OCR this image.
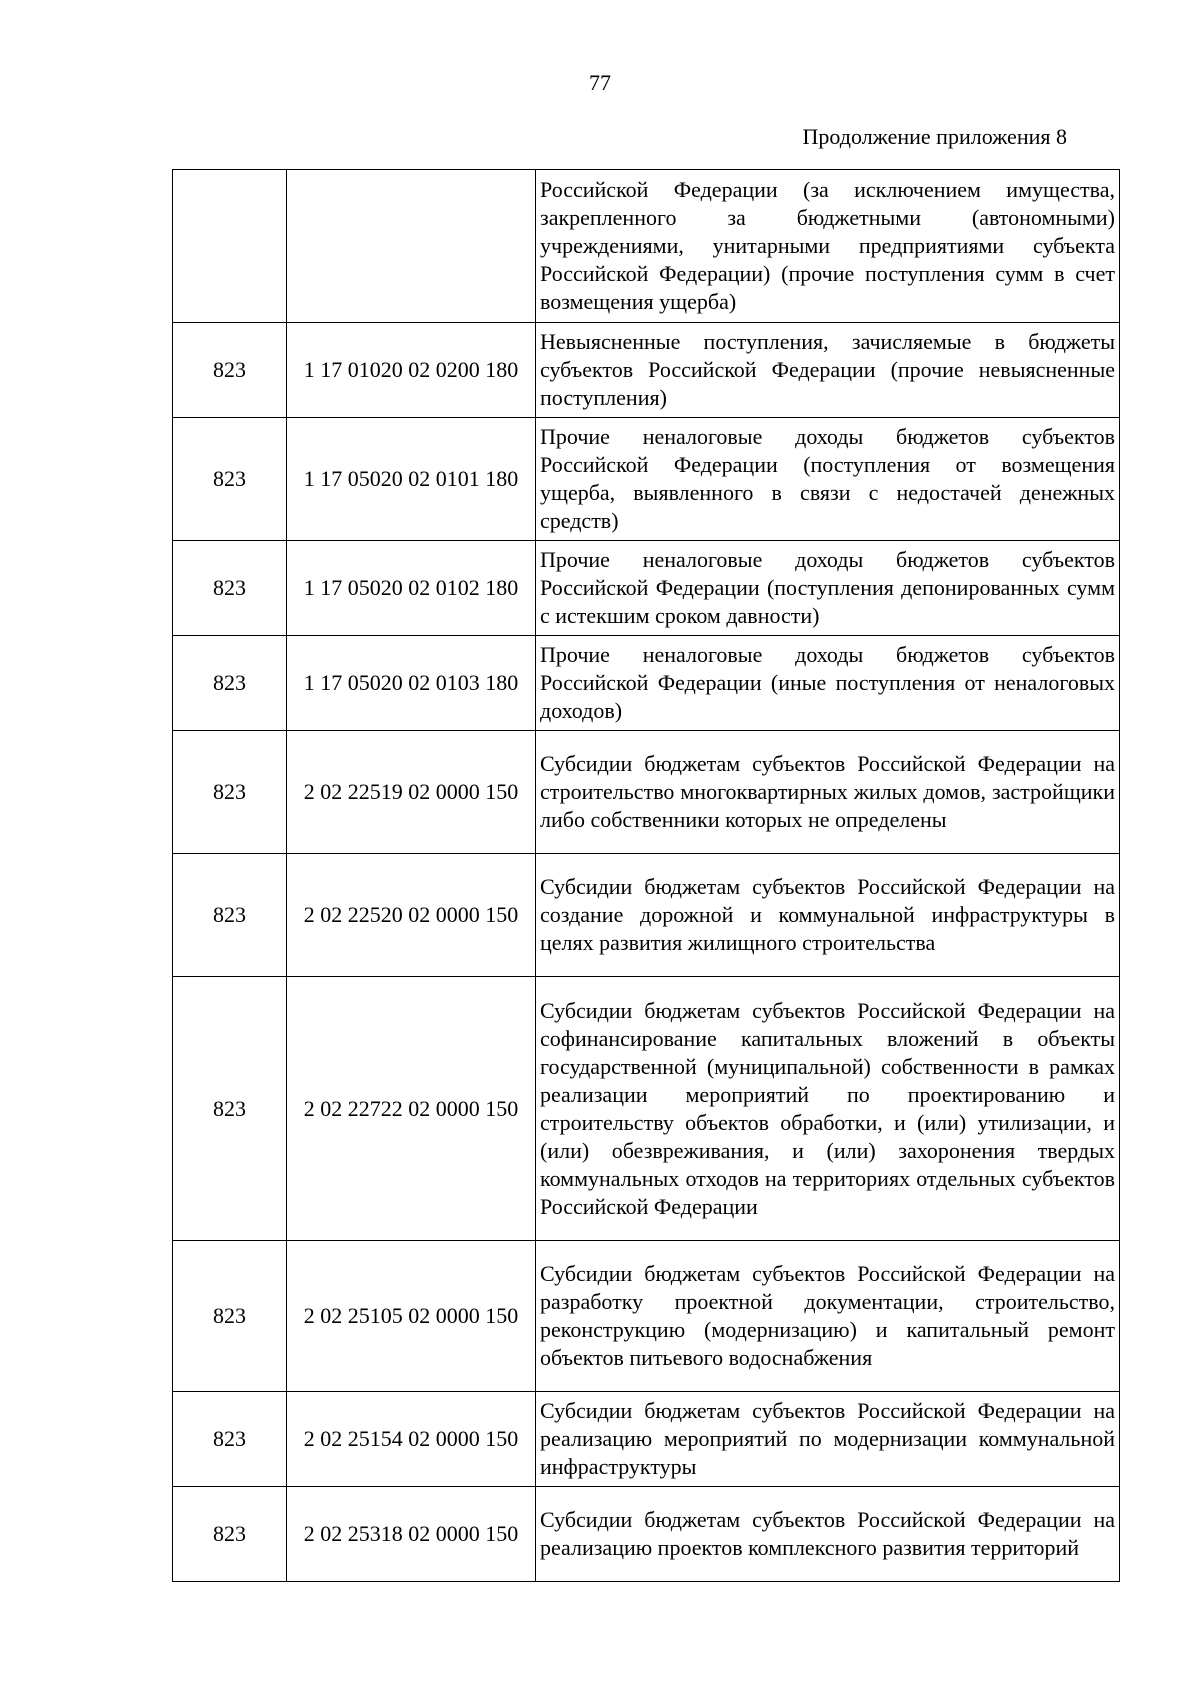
77
Продолжение приложения 8
		Российской Федерации (за исключением имущества, закрепленного за бюджетными (автономными) учреждениями, унитарными предприятиями субъекта Российской Федерации) (прочие поступления сумм в счет возмещения ущерба)
823	1 17 01020 02 0200 180	Невыясненные поступления, зачисляемые в бюджеты субъектов Российской Федерации (прочие невыясненные поступления)
823	1 17 05020 02 0101 180	Прочие неналоговые доходы бюджетов субъектов Российской Федерации (поступления от возмещения ущерба, выявленного в связи с недостачей денежных средств)
823	1 17 05020 02 0102 180	Прочие неналоговые доходы бюджетов субъектов Российской Федерации (поступления депонированных сумм с истекшим сроком давности)
823	1 17 05020 02 0103 180	Прочие неналоговые доходы бюджетов субъектов Российской Федерации (иные поступления от неналоговых доходов)
823	2 02 22519 02 0000 150	Субсидии бюджетам субъектов Российской Федерации на строительство многоквартирных жилых домов, застройщики либо собственники которых не определены
823	2 02 22520 02 0000 150	Субсидии бюджетам субъектов Российской Федерации на создание дорожной и коммунальной инфраструктуры в целях развития жилищного строительства
823	2 02 22722 02 0000 150	Субсидии бюджетам субъектов Российской Федерации на софинансирование капитальных вложений в объекты государственной (муниципальной) собственности в рамках реализации мероприятий по проектированию и строительству объектов обработки, и (или) утилизации, и (или) обезвреживания, и (или) захоронения твердых коммунальных отходов на территориях отдельных субъектов Российской Федерации
823	2 02 25105 02 0000 150	Субсидии бюджетам субъектов Российской Федерации на разработку проектной документации, строительство, реконструкцию (модернизацию) и капитальный ремонт объектов питьевого водоснабжения
823	2 02 25154 02 0000 150	Субсидии бюджетам субъектов Российской Федерации на реализацию мероприятий по модернизации коммунальной инфраструктуры
823	2 02 25318 02 0000 150	Субсидии бюджетам субъектов Российской Федерации на реализацию проектов комплексного развития территорий
